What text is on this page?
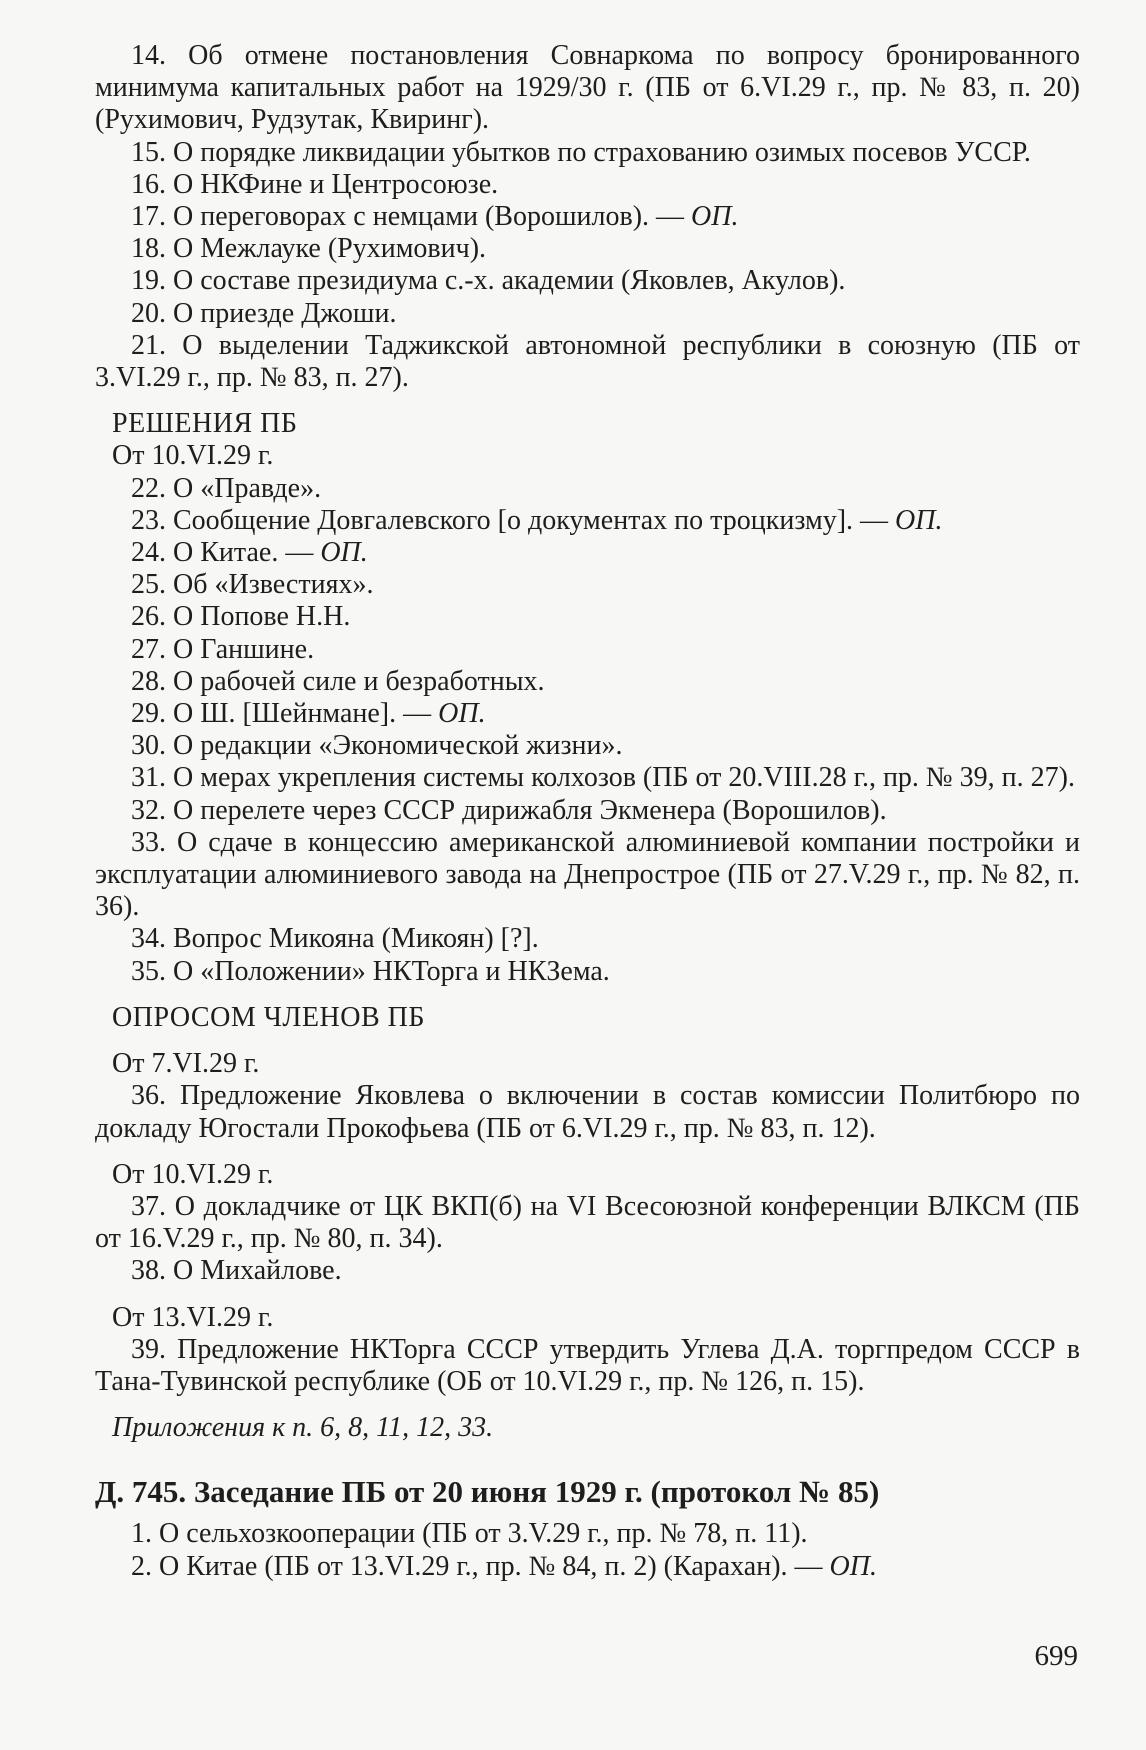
14. Об отмене постановления Совнаркома по вопросу бронированного минимума капитальных работ на 1929/30 г. (ПБ от 6.VI.29 г., пр. № 83, п. 20) (Рухимович, Рудзутак, Квиринг).

15. О порядке ликвидации убытков по страхованию озимых посевов УССР.

16. О НКФине и Центросоюзе.

17. О переговорах с немцами (Ворошилов). — ОП.

18. О Межлауке (Рухимович).

19. О составе президиума с.-х. академии (Яковлев, Акулов).

20. О приезде Джоши.

21. О выделении Таджикской автономной республики в союзную (ПБ от 3.VI.29 г., пр. № 83, п. 27).

РЕШЕНИЯ ПБ

От 10.VI.29 г.

22. О «Правде».

23. Сообщение Довгалевского [о документах по троцкизму]. — ОП.

24. О Китае. — ОП.

25. Об «Известиях».

26. О Попове Н.Н.

27. О Ганшине.

28. О рабочей силе и безработных.

29. О Ш. [Шейнмане]. — ОП.

30. О редакции «Экономической жизни».

31. О мерах укрепления системы колхозов (ПБ от 20.VIII.28 г., пр. № 39, п. 27).

32. О перелете через СССР дирижабля Экменера (Ворошилов).

33. О сдаче в концессию американской алюминиевой компании постройки и эксплуатации алюминиевого завода на Днепрострое (ПБ от 27.V.29 г., пр. № 82, п. 36).

34. Вопрос Микояна (Микоян) [?].

35. О «Положении» НКТорга и НКЗема.

ОПРОСОМ ЧЛЕНОВ ПБ

От 7.VI.29 г.

36. Предложение Яковлева о включении в состав комиссии Политбюро по докладу Югостали Прокофьева (ПБ от 6.VI.29 г., пр. № 83, п. 12).

От 10.VI.29 г.

37. О докладчике от ЦК ВКП(б) на VI Всесоюзной конференции ВЛКСМ (ПБ от 16.V.29 г., пр. № 80, п. 34).

38. О Михайлове.

От 13.VI.29 г.

39. Предложение НКТорга СССР утвердить Углева Д.А. торгпредом СССР в Тана-Тувинской республике (ОБ от 10.VI.29 г., пр. № 126, п. 15).

Приложения к п. 6, 8, 11, 12, 33.

Д. 745. Заседание ПБ от 20 июня 1929 г. (протокол № 85)

1. О сельхозкооперации (ПБ от 3.V.29 г., пр. № 78, п. 11).

2. О Китае (ПБ от 13.VI.29 г., пр. № 84, п. 2) (Карахан). — ОП.

699
